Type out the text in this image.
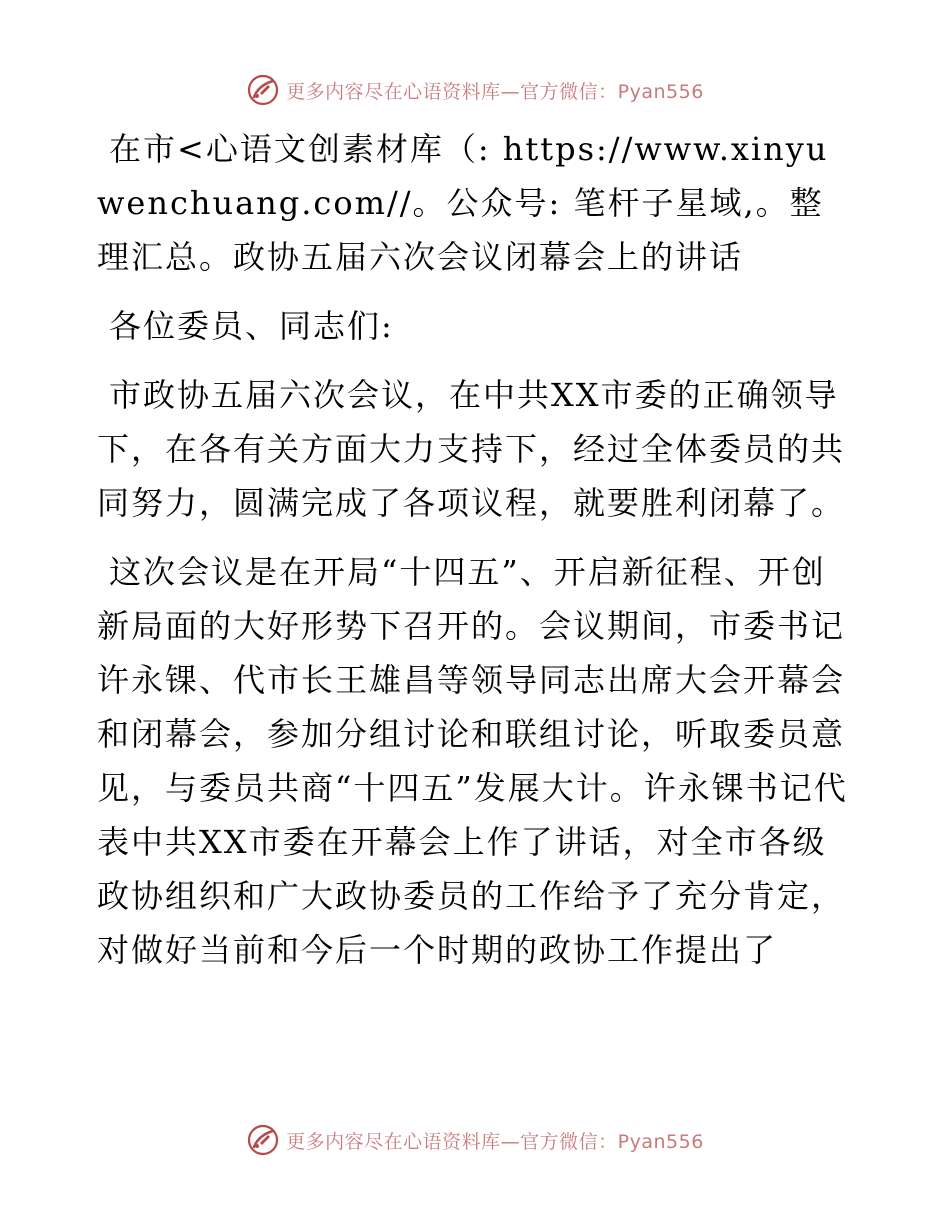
更多内容尽在心语资料库—官方微信：Pyan556

在市<心语文创素材库（: https://www.xinyuwenchuang.com//。公众号: 笔杆子星域,。整理汇总。政协五届六次会议闭幕会上的讲话

各位委员、同志们:

市政协五届六次会议，在中共XX市委的正确领导下，在各有关方面大力支持下，经过全体委员的共同努力，圆满完成了各项议程，就要胜利闭幕了。

这次会议是在开局“十四五”、开启新征程、开创新局面的大好形势下召开的。会议期间，市委书记许永锞、代市长王雄昌等领导同志出席大会开幕会和闭幕会，参加分组讨论和联组讨论，听取委员意见，与委员共商“十四五”发展大计。许永锞书记代表中共XX市委在开幕会上作了讲话，对全市各级政协组织和广大政协委员的工作给予了充分肯定，对做好当前和今后一个时期的政协工作提出了

更多内容尽在心语资料库—官方微信：Pyan556
